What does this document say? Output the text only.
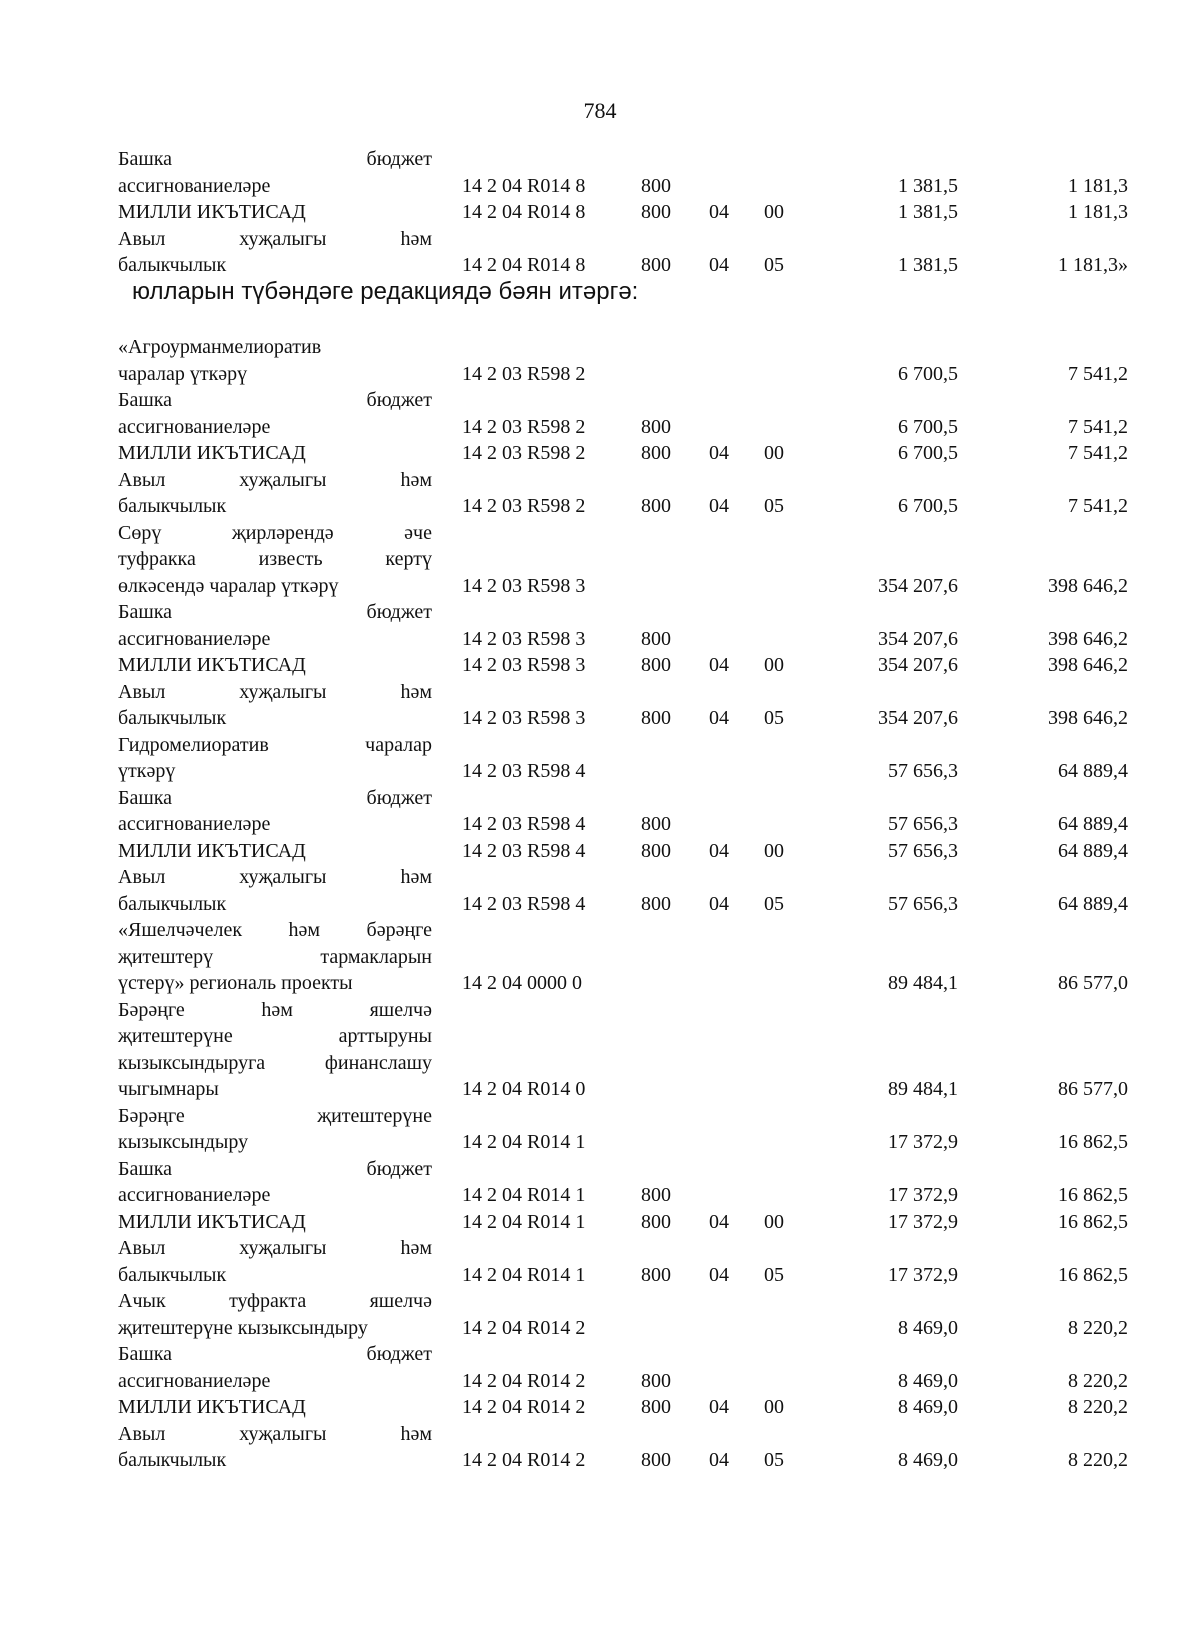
784
Башка бюджет
ассигнованиеләре	14 2 04 R014 8	800	1 381,5	1 181,3
МИЛЛИ ИКЪТИСАД	14 2 04 R014 8	800 04 00	1 381,5	1 181,3
Авыл хуҗалыгы һәм
балыкчылык	14 2 04 R014 8	800 04 05	1 381,5	1 181,3»
юлларын түбәндәге редакциядә бәян итәргә:
«Агроурманмелиоратив
чаралар үткәрү	14 2 03 R598 2	6 700,5	7 541,2
Башка бюджет
ассигнованиеләре	14 2 03 R598 2	800	6 700,5	7 541,2
МИЛЛИ ИКЪТИСАД	14 2 03 R598 2	800 04 00	6 700,5	7 541,2
Авыл хуҗалыгы һәм
балыкчылык	14 2 03 R598 2	800 04 05	6 700,5	7 541,2
Сөрү җирләрендә әче
туфракка известь кертү
өлкәсендә чаралар үткәрү	14 2 03 R598 3	354 207,6	398 646,2
Башка бюджет
ассигнованиеләре	14 2 03 R598 3	800	354 207,6	398 646,2
МИЛЛИ ИКЪТИСАД	14 2 03 R598 3	800 04 00	354 207,6	398 646,2
Авыл хуҗалыгы һәм
балыкчылык	14 2 03 R598 3	800 04 05	354 207,6	398 646,2
Гидромелиоратив чаралар
үткәрү	14 2 03 R598 4	57 656,3	64 889,4
Башка бюджет
ассигнованиеләре	14 2 03 R598 4	800	57 656,3	64 889,4
МИЛЛИ ИКЪТИСАД	14 2 03 R598 4	800 04 00	57 656,3	64 889,4
Авыл хуҗалыгы һәм
балыкчылык	14 2 03 R598 4	800 04 05	57 656,3	64 889,4
«Яшелчәчелек һәм бәрәңге
җитештерү тармакларын
үстерү» региональ проекты	14 2 04 0000 0	89 484,1	86 577,0
Бәрәңге һәм яшелчә
җитештерүне арттыруны
кызыксындыруга финанслашу
чыгымнары	14 2 04 R014 0	89 484,1	86 577,0
Бәрәңге җитештерүне
кызыксындыру	14 2 04 R014 1	17 372,9	16 862,5
Башка бюджет
ассигнованиеләре	14 2 04 R014 1	800	17 372,9	16 862,5
МИЛЛИ ИКЪТИСАД	14 2 04 R014 1	800 04 00	17 372,9	16 862,5
Авыл хуҗалыгы һәм
балыкчылык	14 2 04 R014 1	800 04 05	17 372,9	16 862,5
Ачык туфракта яшелчә
җитештерүне кызыксындыру	14 2 04 R014 2	8 469,0	8 220,2
Башка бюджет
ассигнованиеләре	14 2 04 R014 2	800	8 469,0	8 220,2
МИЛЛИ ИКЪТИСАД	14 2 04 R014 2	800 04 00	8 469,0	8 220,2
Авыл хуҗалыгы һәм
балыкчылык	14 2 04 R014 2	800 04 05	8 469,0	8 220,2
